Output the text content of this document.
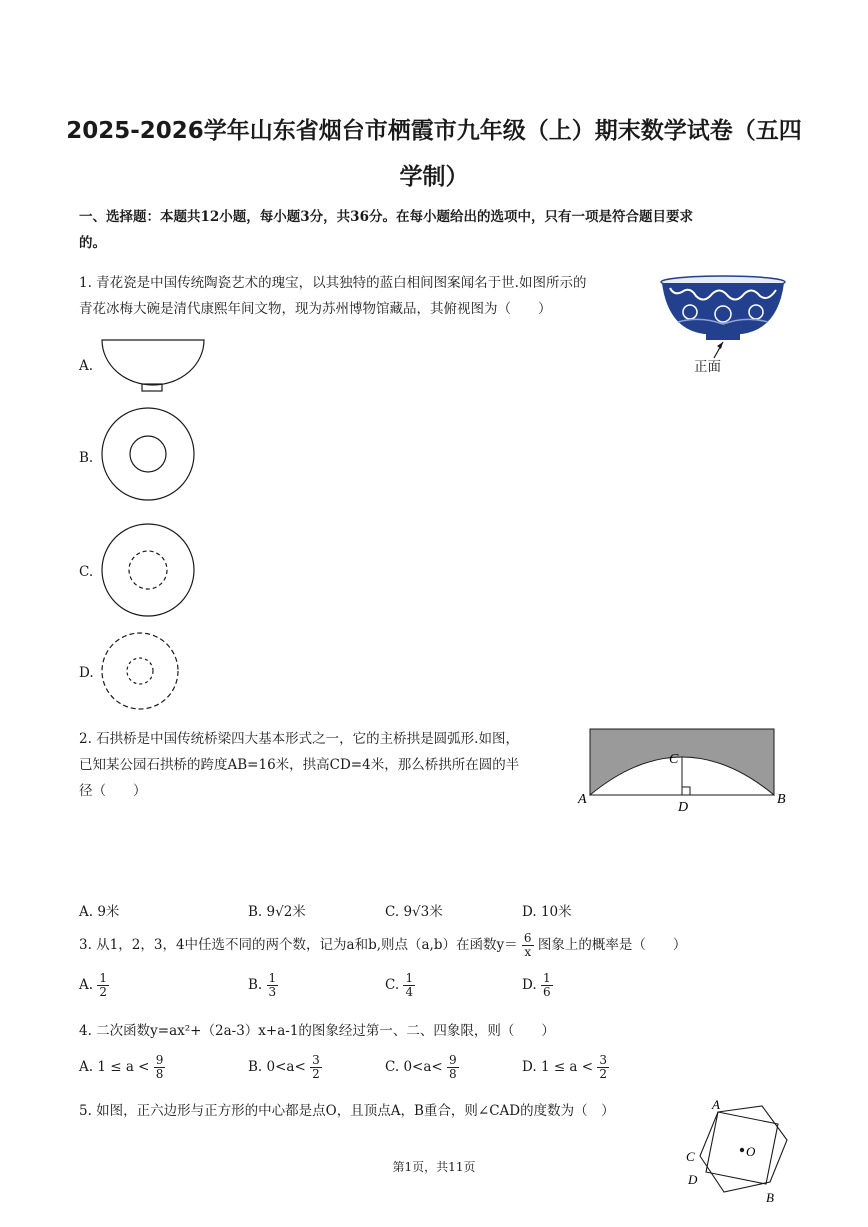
2025-2026学年山东省烟台市栖霞市九年级（上）期末数学试卷（五四
学制）
一、选择题：本题共12小题，每小题3分，共36分。在每小题给出的选项中，只有一项是符合题目要求
的。
1. 青花瓷是中国传统陶瓷艺术的瑰宝，以其独特的蓝白相间图案闻名于世.如图所示的
青花冰梅大碗是清代康熙年间文物，现为苏州博物馆藏品，其俯视图为（　　）
正面
A.
B.
C.
D.
2. 石拱桥是中国传统桥梁四大基本形式之一，它的主桥拱是圆弧形.如图，
已知某公园石拱桥的跨度AB=16米，拱高CD=4米，那么桥拱所在圆的半
径（　　）
A	B
C
D
A. 9米	B. 9√2米	C. 9√3米	D. 10米
3. 从1，2，3，4中任选不同的两个数，记为a和b,则点（a,b）在函数$y= \frac{6}{x}$ 图象上的概率是（　　）
A. $\frac{1}{2}$	B. $\frac{1}{3}$	C. $\frac{1}{4}$	D. $\frac{1}{6}$
4. 二次函数y=ax²+（2a-3）x+a-1的图象经过第一、二、四象限，则（　　）
A. $1 \le a < \frac{9}{8}$	B. $0<a< \frac{3}{2}$	C. $0<a< \frac{9}{8}$	D. $1 \le a < \frac{3}{2}$
5. 如图，正六边形与正方形的中心都是点O，且顶点A，B重合，则∠CAD的度数为（　）	A
B
C
D
O
第1页，共11页
